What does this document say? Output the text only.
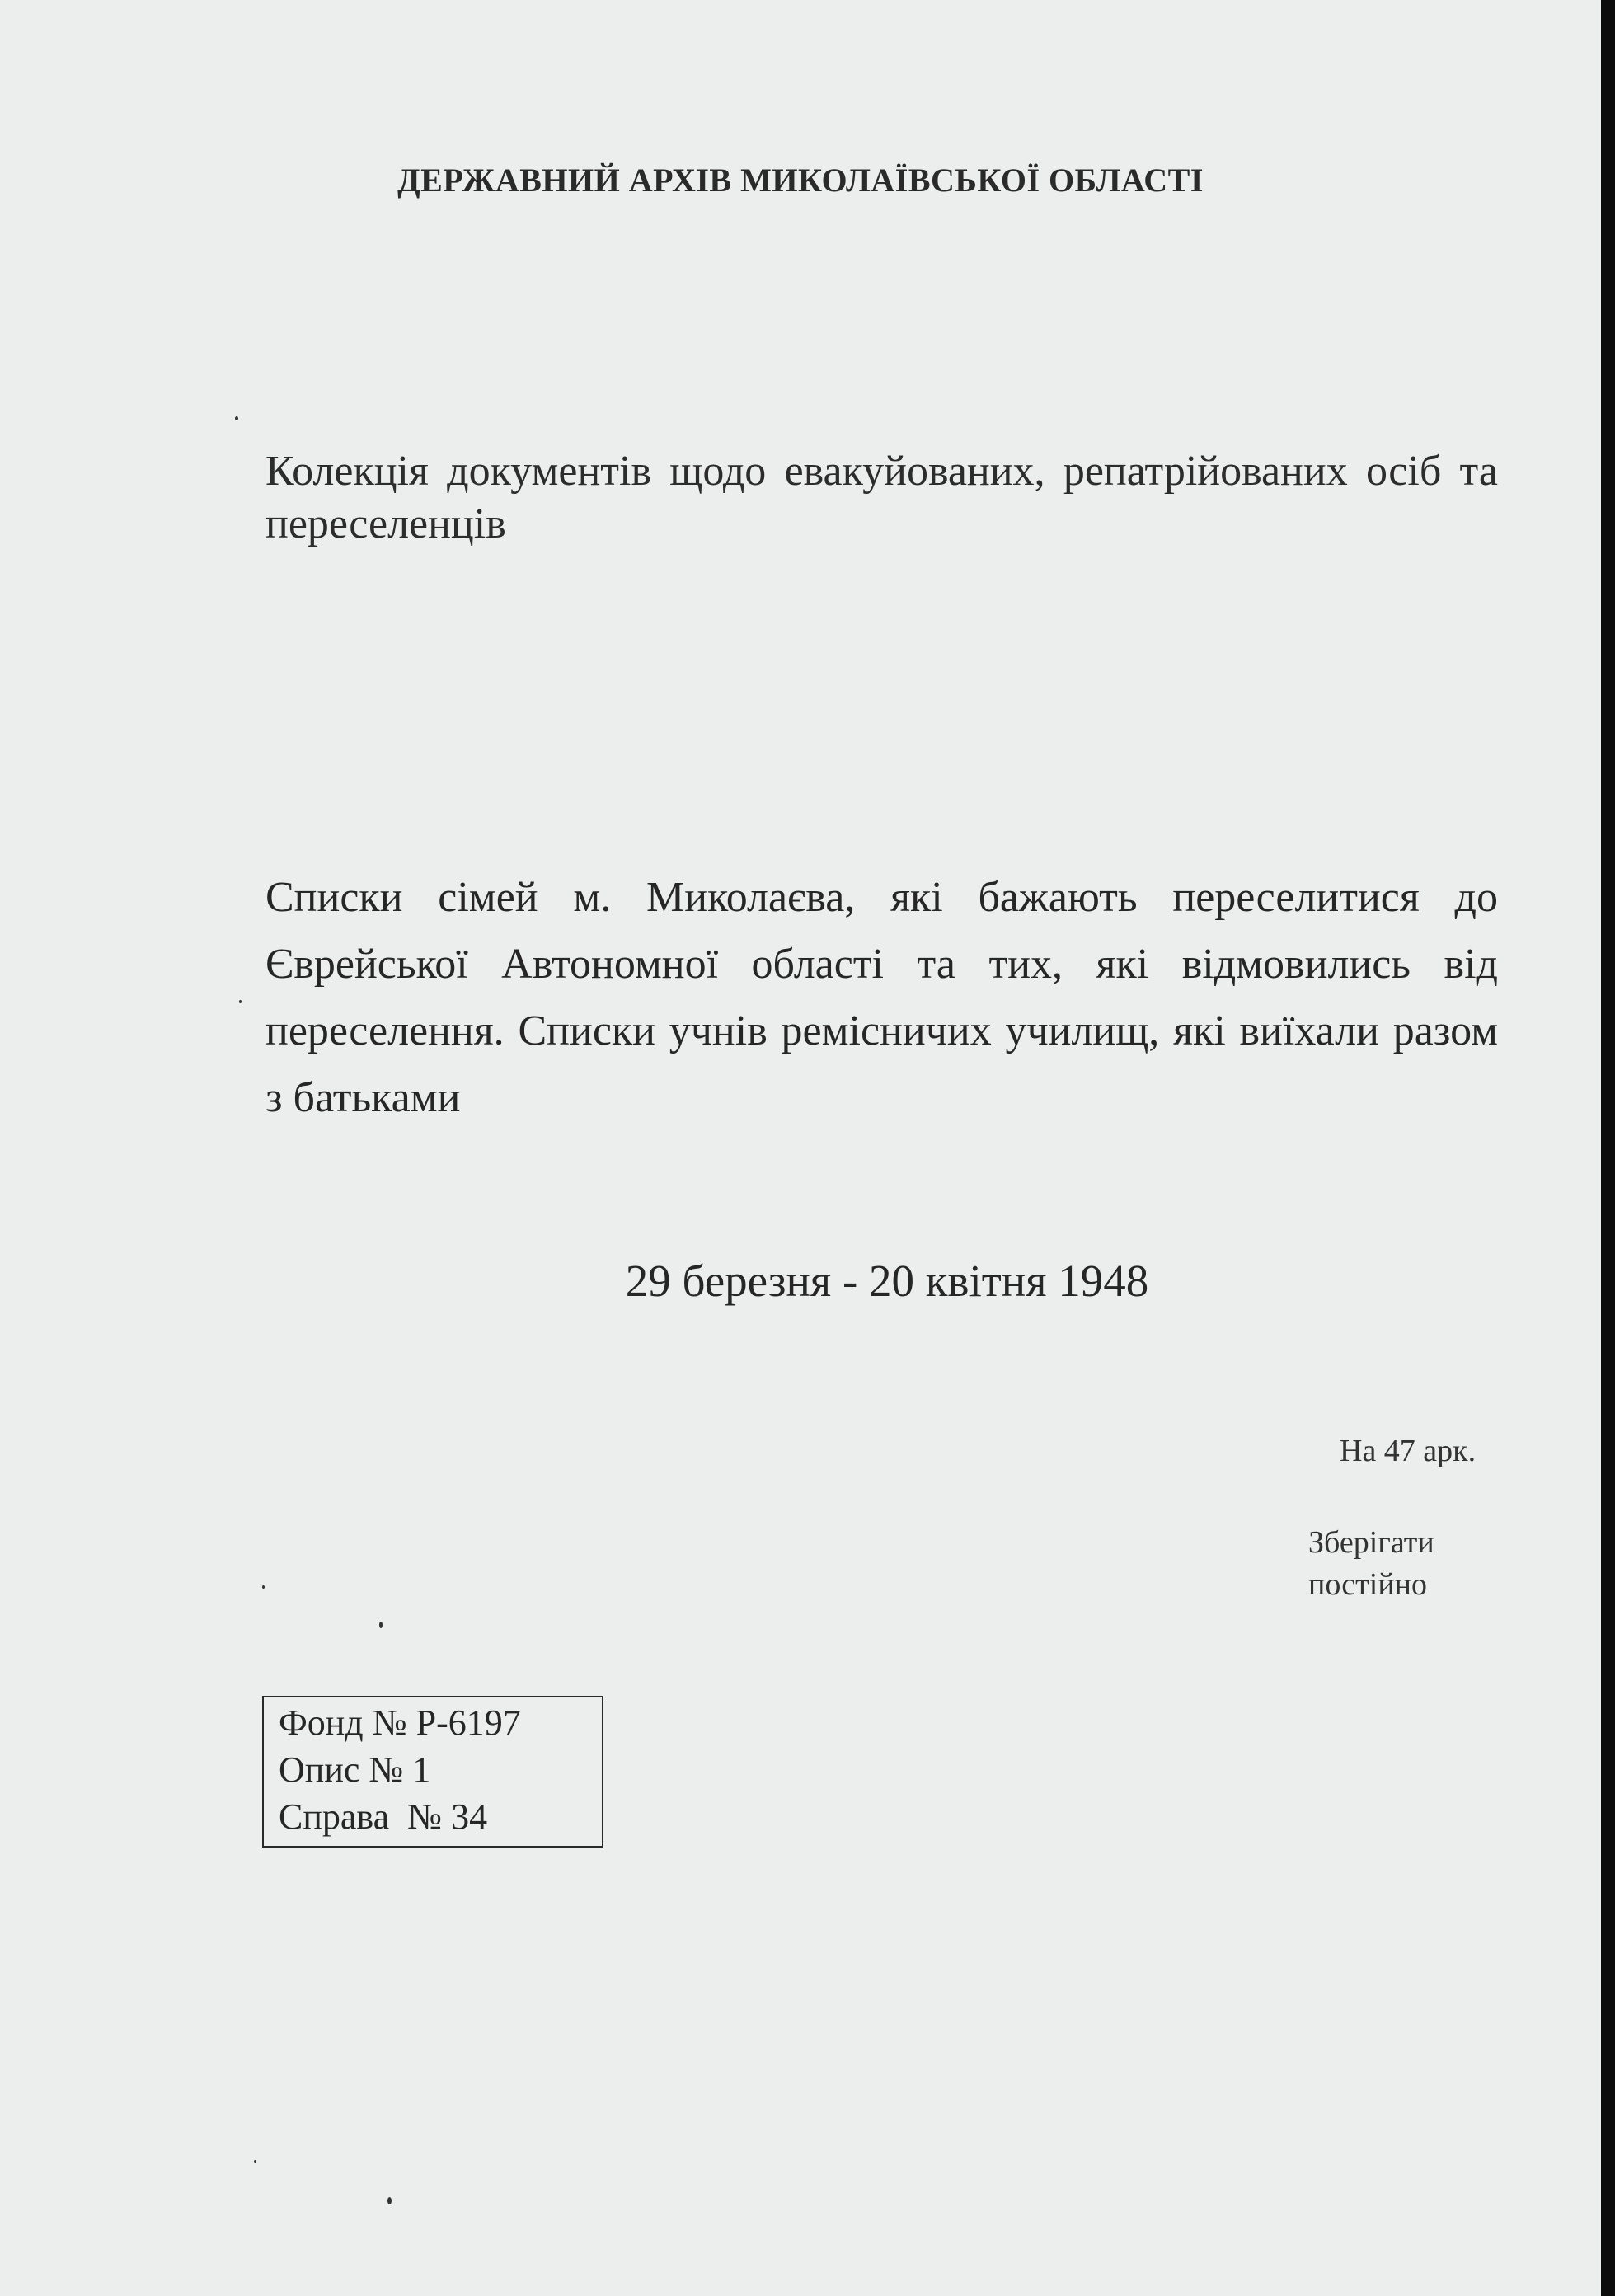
ДЕРЖАВНИЙ АРХІВ МИКОЛАЇВСЬКОЇ ОБЛАСТІ
Колекція документів щодо евакуйованих, репатрійованих осіб та переселенців
Списки сімей м. Миколаєва, які бажають переселитися до Єврейської Автономної області та тих, які відмовились від переселення. Списки учнів ремісничих училищ, які виїхали разом з батьками
29 березня - 20 квітня 1948
На 47 арк.
Зберігати
постійно
Фонд № Р-6197
Опис № 1
Справа  № 34
